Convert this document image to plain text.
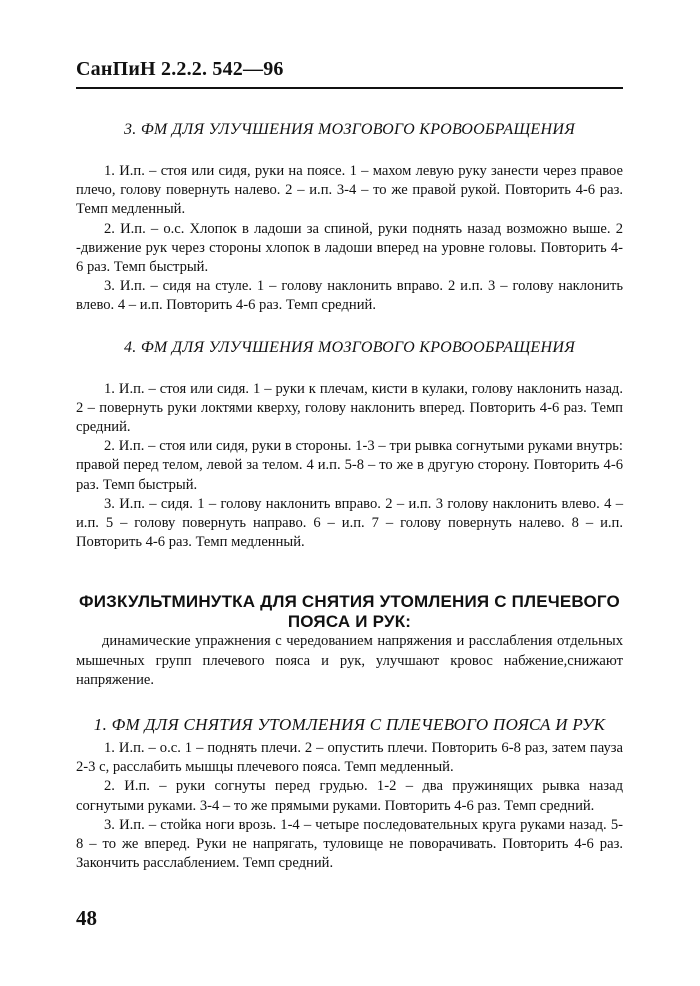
СанПиН 2.2.2. 542—96
3. ФМ ДЛЯ УЛУЧШЕНИЯ МОЗГОВОГО КРОВООБРАЩЕНИЯ

1. И.п. – стоя или сидя, руки на поясе. 1 – махом левую руку занести через правое плечо, голову повернуть налево. 2 – и.п. 3-4 – то же правой рукой. Повторить 4-6 раз. Темп медленный.

2. И.п. – о.с. Хлопок в ладоши за спиной, руки поднять назад возможно выше. 2 -движение рук через стороны хлопок в ладоши вперед на уровне головы. Повторить 4-6 раз. Темп быстрый.

3. И.п. – сидя на стуле. 1 – голову наклонить вправо. 2 и.п. 3 – голову наклонить влево. 4 – и.п. Повторить 4-6 раз. Темп средний.

4. ФМ ДЛЯ УЛУЧШЕНИЯ МОЗГОВОГО КРОВООБРАЩЕНИЯ

1. И.п. – стоя или сидя. 1 – руки к плечам, кисти в кулаки, голову наклонить назад. 2 – повернуть руки локтями кверху, голову наклонить вперед. Повторить 4-6 раз. Темп средний.

2. И.п. – стоя или сидя, руки в стороны. 1-3 – три рывка согнутыми руками внутрь: правой перед телом, левой за телом. 4 и.п. 5-8 – то же в другую сторону. Повторить 4-6 раз. Темп быстрый.

3. И.п. – сидя. 1 – голову наклонить вправо. 2 – и.п. 3 голову наклонить влево. 4 – и.п. 5 – голову повернуть направо. 6 – и.п. 7 – голову повернуть налево. 8 – и.п. Повторить 4-6 раз. Темп медленный.

ФИЗКУЛЬТМИНУТКА ДЛЯ СНЯТИЯ УТОМЛЕНИЯ С ПЛЕЧЕВОГО ПОЯСА И РУК:

динамические упражнения с чередованием напряжения и расслабления отдельных мышечных групп плечевого пояса и рук, улучшают кровос набжение,снижают напряжение.

1. ФМ ДЛЯ СНЯТИЯ УТОМЛЕНИЯ С ПЛЕЧЕВОГО ПОЯСА И РУК

1. И.п. – о.с. 1 – поднять плечи. 2 – опустить плечи. Повторить 6-8 раз, затем пауза 2-3 с, расслабить мышцы плечевого пояса. Темп медленный.

2. И.п. – руки согнуты перед грудью. 1-2 – два пружинящих рывка назад согнутыми руками. 3-4 – то же прямыми руками. Повторить 4-6 раз. Темп средний.

3. И.п. – стойка ноги врозь. 1-4 – четыре последовательных круга руками назад. 5-8 – то же вперед. Руки не напрягать, туловище не поворачивать. Повторить 4-6 раз. Закончить расслаблением. Темп средний.

48
